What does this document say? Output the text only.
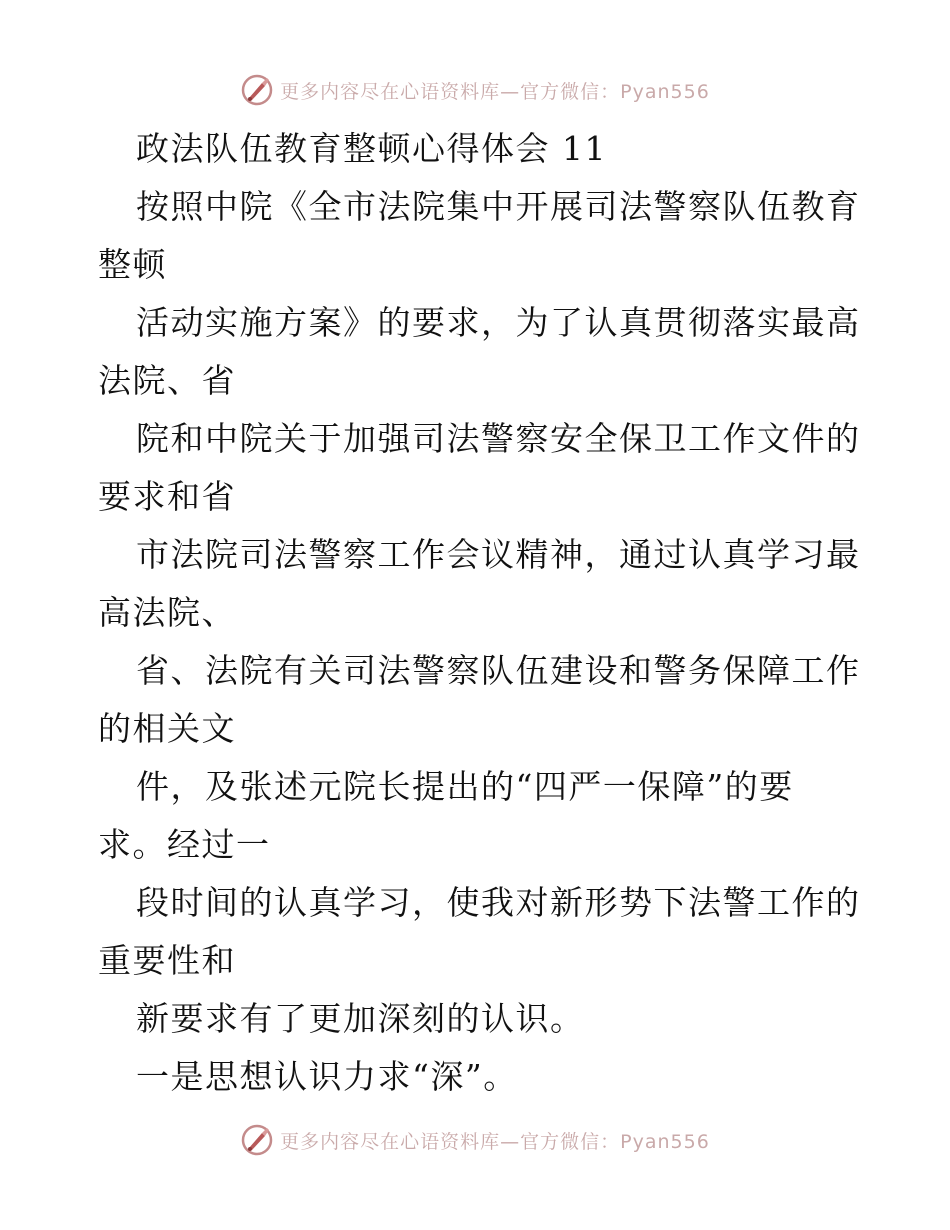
更多内容尽在心语资料库—官方微信：Pyan556
政法队伍教育整顿心得体会 11
按照中院《全市法院集中开展司法警察队伍教育
整顿
活动实施方案》的要求，为了认真贯彻落实最高
法院、省
院和中院关于加强司法警察安全保卫工作文件的
要求和省
市法院司法警察工作会议精神，通过认真学习最
高法院、
省、法院有关司法警察队伍建设和警务保障工作
的相关文
件，及张述元院长提出的“四严一保障”的要
求。经过一
段时间的认真学习，使我对新形势下法警工作的
重要性和
新要求有了更加深刻的认识。
一是思想认识力求“深”。
更多内容尽在心语资料库—官方微信：Pyan556
